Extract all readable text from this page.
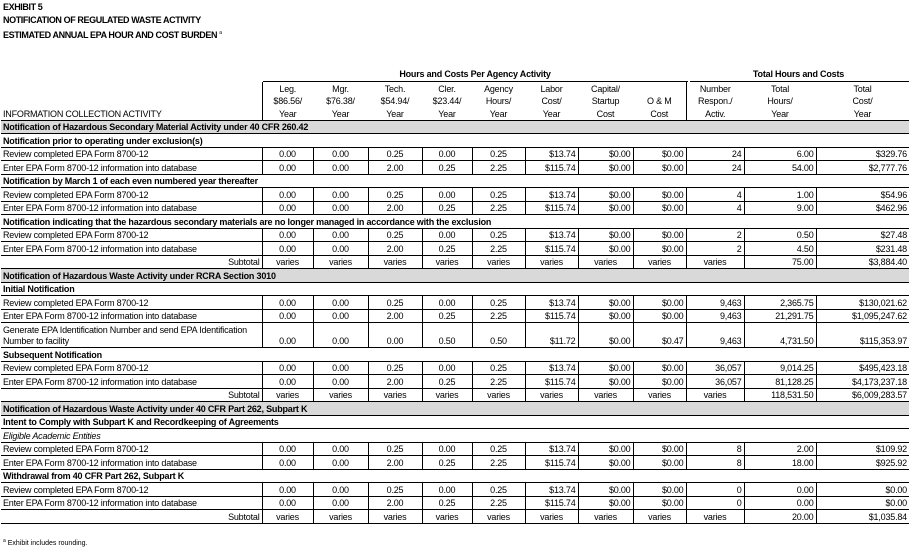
EXHIBIT 5
NOTIFICATION OF REGULATED WASTE ACTIVITY
ESTIMATED ANNUAL EPA HOUR AND COST BURDEN $^a$
Hours and Costs Per Agency Activity	Total Hours and Costs
	Leg.	Mgr.	Tech.	Cler.	Agency	Labor	Capital/		Number	Total	Total
	$86.56/	$76.38/	$54.94/	$23.44/	Hours/	Cost/	Startup	O & M	Respon./	Hours/	Cost/
INFORMATION COLLECTION ACTIVITY	Year	Year	Year	Year	Year	Year	Cost	Cost	Activ.	Year	Year
Notification of Hazardous Secondary Material Activity under 40 CFR 260.42											
Notification prior to operating under exclusion(s)											
Review completed EPA Form 8700-12	0.00	0.00	0.25	0.00	0.25	$13.74	$0.00	$0.00	24	6.00	$329.76
Enter EPA Form 8700-12 information into database	0.00	0.00	2.00	0.25	2.25	$115.74	$0.00	$0.00	24	54.00	$2,777.76
Notification by March 1 of each even numbered year thereafter											
Review completed EPA Form 8700-12	0.00	0.00	0.25	0.00	0.25	$13.74	$0.00	$0.00	4	1.00	$54.96
Enter EPA Form 8700-12 information into database	0.00	0.00	2.00	0.25	2.25	$115.74	$0.00	$0.00	4	9.00	$462.96
Notification indicating that the hazardous secondary materials are no longer managed in accordance with the exclusion											
Review completed EPA Form 8700-12	0.00	0.00	0.25	0.00	0.25	$13.74	$0.00	$0.00	2	0.50	$27.48
Enter EPA Form 8700-12 information into database	0.00	0.00	2.00	0.25	2.25	$115.74	$0.00	$0.00	2	4.50	$231.48
Subtotal	varies	varies	varies	varies	varies	varies	varies	varies	varies	75.00	$3,884.40
Notification of Hazardous Waste Activity under RCRA Section 3010											
Initial Notification											
Review completed EPA Form 8700-12	0.00	0.00	0.25	0.00	0.25	$13.74	$0.00	$0.00	9,463	2,365.75	$130,021.62
Enter EPA Form 8700-12 information into database	0.00	0.00	2.00	0.25	2.25	$115.74	$0.00	$0.00	9,463	21,291.75	$1,095,247.62
Generate EPA Identification Number and send EPA Identification Number to facility	0.00	0.00	0.00	0.50	0.50	$11.72	$0.00	$0.47	9,463	4,731.50	$115,353.97
Subsequent Notification											
Review completed EPA Form 8700-12	0.00	0.00	0.25	0.00	0.25	$13.74	$0.00	$0.00	36,057	9,014.25	$495,423.18
Enter EPA Form 8700-12 information into database	0.00	0.00	2.00	0.25	2.25	$115.74	$0.00	$0.00	36,057	81,128.25	$4,173,237.18
Subtotal	varies	varies	varies	varies	varies	varies	varies	varies	varies	118,531.50	$6,009,283.57
Notification of Hazardous Waste Activity under 40 CFR Part 262, Subpart K											
Intent to Comply with Subpart K and Recordkeeping of Agreements											
Eligible Academic Entities											
Review completed EPA Form 8700-12	0.00	0.00	0.25	0.00	0.25	$13.74	$0.00	$0.00	8	2.00	$109.92
Enter EPA Form 8700-12 information into database	0.00	0.00	2.00	0.25	2.25	$115.74	$0.00	$0.00	8	18.00	$925.92
Withdrawal from 40 CFR Part 262, Subpart K											
Review completed EPA Form 8700-12	0.00	0.00	0.25	0.00	0.25	$13.74	$0.00	$0.00	0	0.00	$0.00
Enter EPA Form 8700-12 information into database	0.00	0.00	2.00	0.25	2.25	$115.74	$0.00	$0.00	0	0.00	$0.00
Subtotal	varies	varies	varies	varies	varies	varies	varies	varies	varies	20.00	$1,035.84
$^a$ Exhibit includes rounding.
